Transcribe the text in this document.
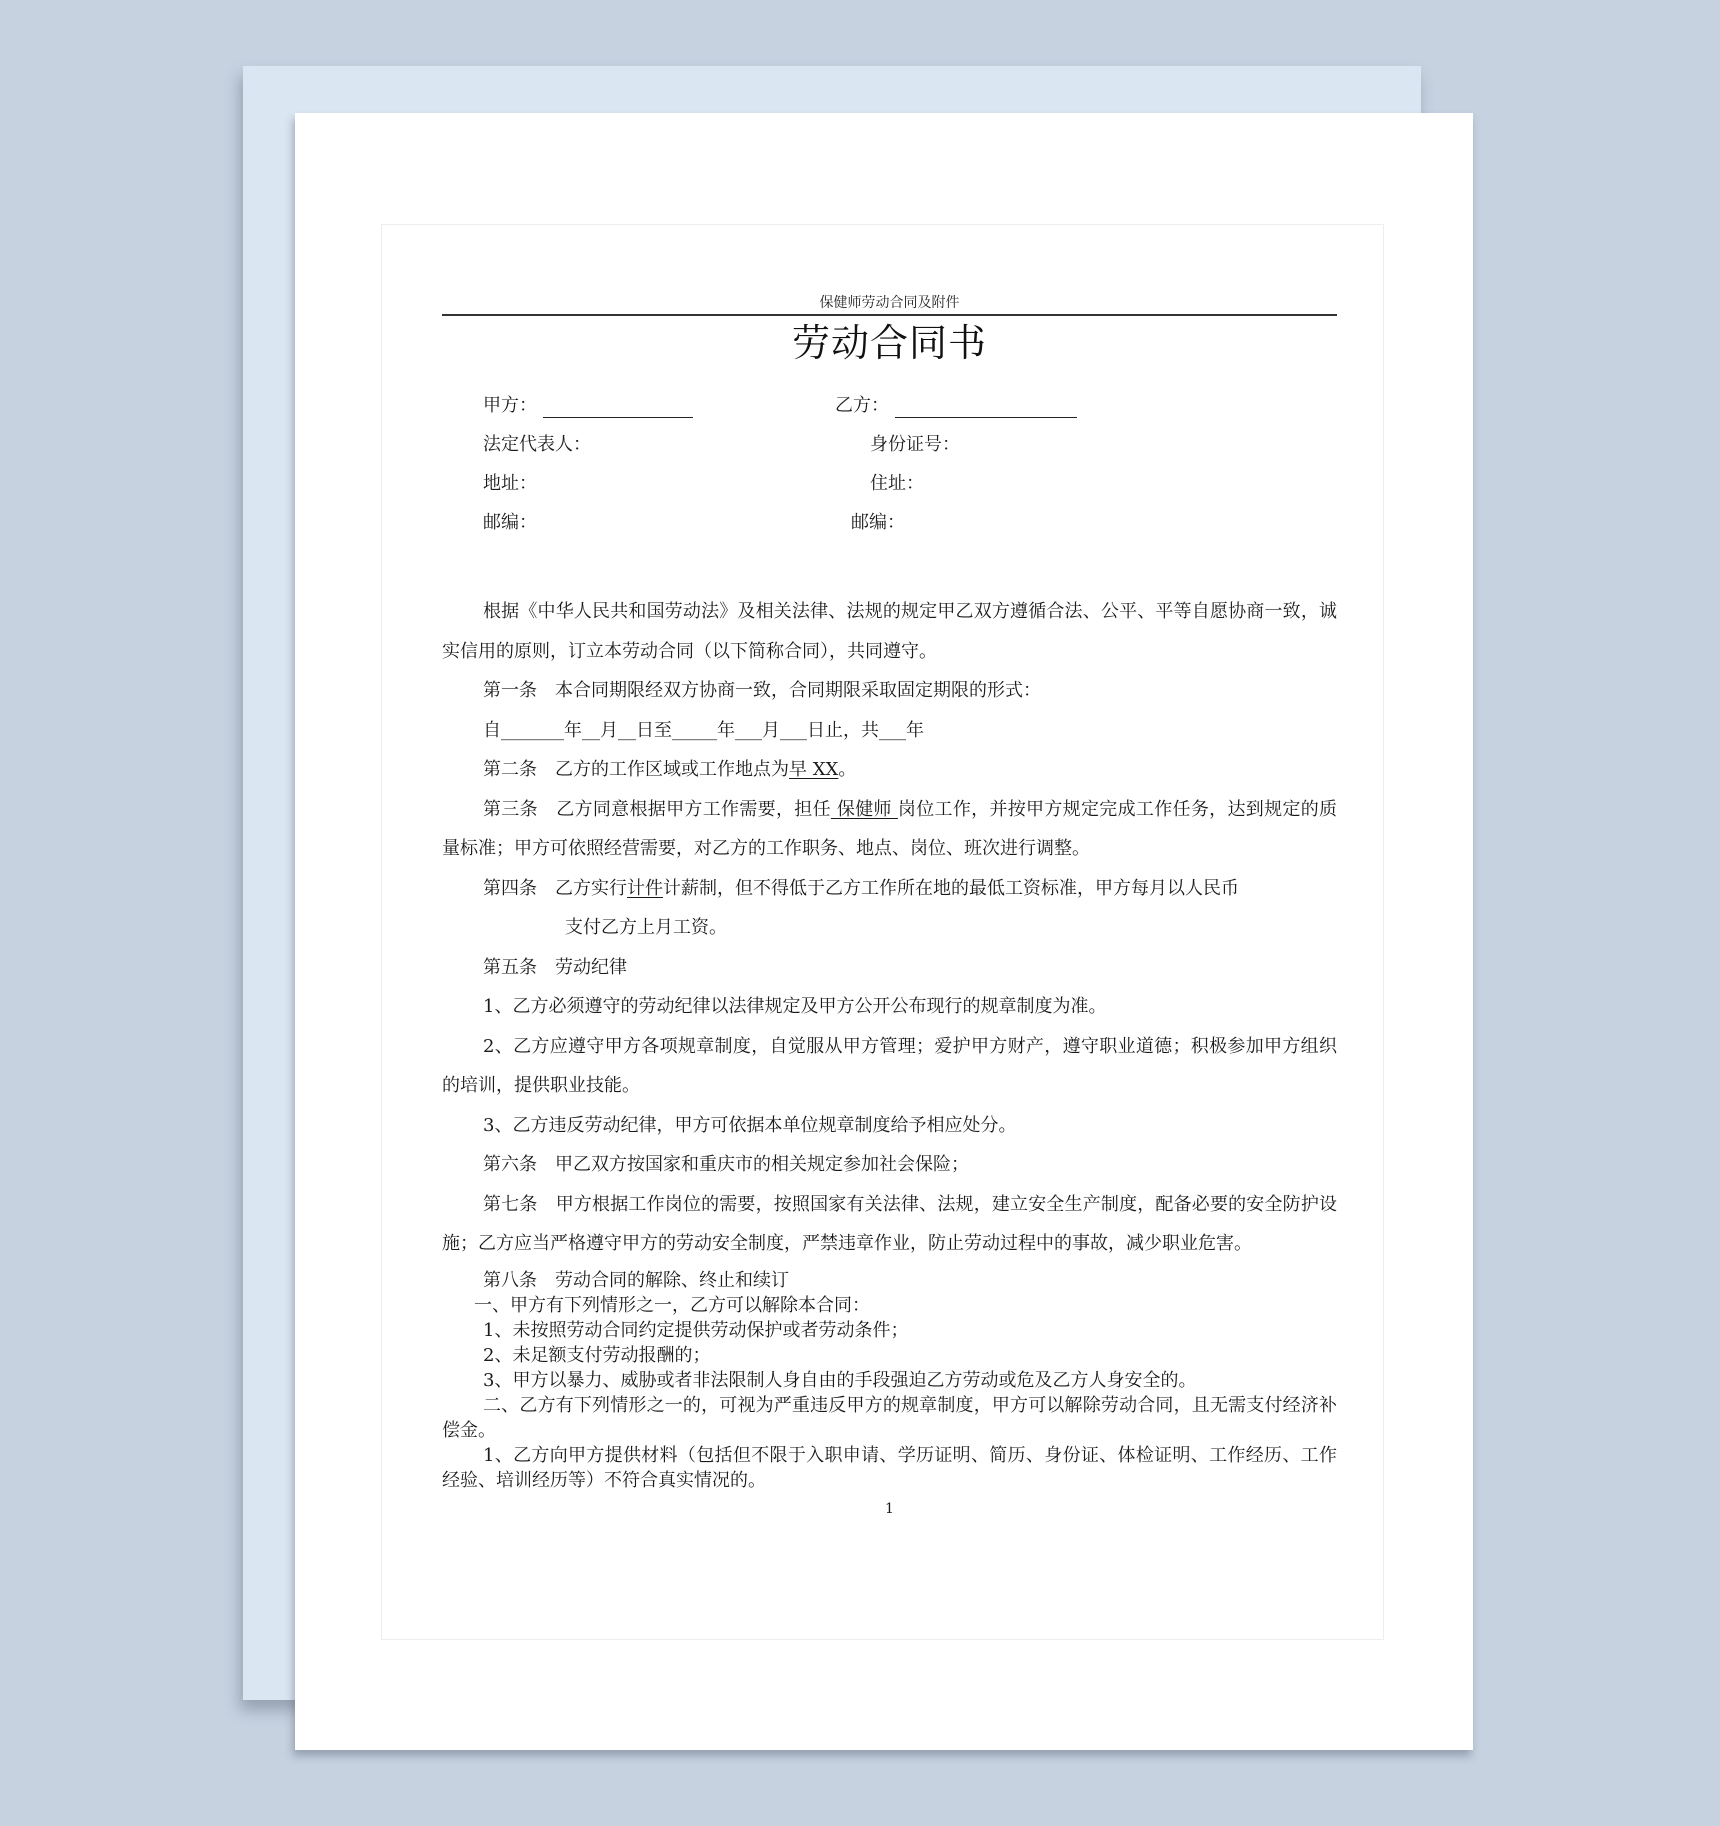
保健师劳动合同及附件
劳动合同书
甲方：	乙方：
法定代表人：	身份证号：
地址：	住址：
邮编：	邮编：
根据《中华人民共和国劳动法》及相关法律、法规的规定甲乙双方遵循合法、公平、平等自愿协商一致，诚实信用的原则，订立本劳动合同（以下简称合同），共同遵守。
第一条　本合同期限经双方协商一致，合同期限采取固定期限的形式：
自_______年__月__日至_____年___月___日止，共___年
第二条　乙方的工作区域或工作地点为早 XX。
第三条　乙方同意根据甲方工作需要，担任 保健师 岗位工作，并按甲方规定完成工作任务，达到规定的质量标准；甲方可依照经营需要，对乙方的工作职务、地点、岗位、班次进行调整。
第四条　乙方实行计件计薪制，但不得低于乙方工作所在地的最低工资标准，甲方每月以人民币
支付乙方上月工资。
第五条　劳动纪律
1、乙方必须遵守的劳动纪律以法律规定及甲方公开公布现行的规章制度为准。
2、乙方应遵守甲方各项规章制度，自觉服从甲方管理；爱护甲方财产，遵守职业道德；积极参加甲方组织的培训，提供职业技能。
3、乙方违反劳动纪律，甲方可依据本单位规章制度给予相应处分。
第六条　甲乙双方按国家和重庆市的相关规定参加社会保险；
第七条　甲方根据工作岗位的需要，按照国家有关法律、法规，建立安全生产制度，配备必要的安全防护设施；乙方应当严格遵守甲方的劳动安全制度，严禁违章作业，防止劳动过程中的事故，减少职业危害。
第八条　劳动合同的解除、终止和续订
一、甲方有下列情形之一，乙方可以解除本合同：
1、未按照劳动合同约定提供劳动保护或者劳动条件；
2、未足额支付劳动报酬的；
3、甲方以暴力、威胁或者非法限制人身自由的手段强迫乙方劳动或危及乙方人身安全的。
二、乙方有下列情形之一的，可视为严重违反甲方的规章制度，甲方可以解除劳动合同，且无需支付经济补偿金。
1、乙方向甲方提供材料（包括但不限于入职申请、学历证明、简历、身份证、体检证明、工作经历、工作经验、培训经历等）不符合真实情况的。
1
